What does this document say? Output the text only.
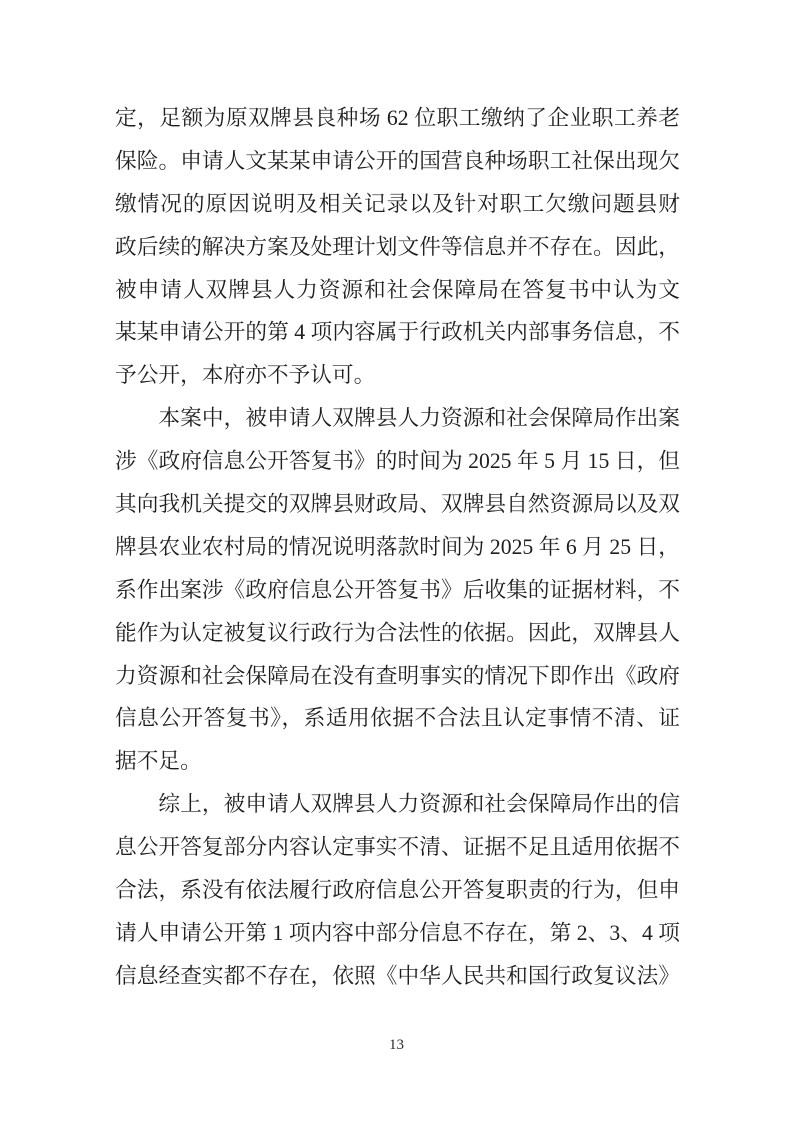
定，足额为原双牌县良种场 62 位职工缴纳了企业职工养老
保险。申请人文某某申请公开的国营良种场职工社保出现欠
缴情况的原因说明及相关记录以及针对职工欠缴问题县财
政后续的解决方案及处理计划文件等信息并不存在。因此，
被申请人双牌县人力资源和社会保障局在答复书中认为文
某某申请公开的第 4 项内容属于行政机关内部事务信息，不
予公开，本府亦不予认可。
本案中，被申请人双牌县人力资源和社会保障局作出案
涉《政府信息公开答复书》的时间为 2025 年 5 月 15 日，但
其向我机关提交的双牌县财政局、双牌县自然资源局以及双
牌县农业农村局的情况说明落款时间为 2025 年 6 月 25 日，
系作出案涉《政府信息公开答复书》后收集的证据材料，不
能作为认定被复议行政行为合法性的依据。因此，双牌县人
力资源和社会保障局在没有查明事实的情况下即作出《政府
信息公开答复书》，系适用依据不合法且认定事情不清、证
据不足。
综上，被申请人双牌县人力资源和社会保障局作出的信
息公开答复部分内容认定事实不清、证据不足且适用依据不
合法，系没有依法履行政府信息公开答复职责的行为，但申
请人申请公开第 1 项内容中部分信息不存在，第 2、3、4 项
信息经查实都不存在，依照《中华人民共和国行政复议法》
13
